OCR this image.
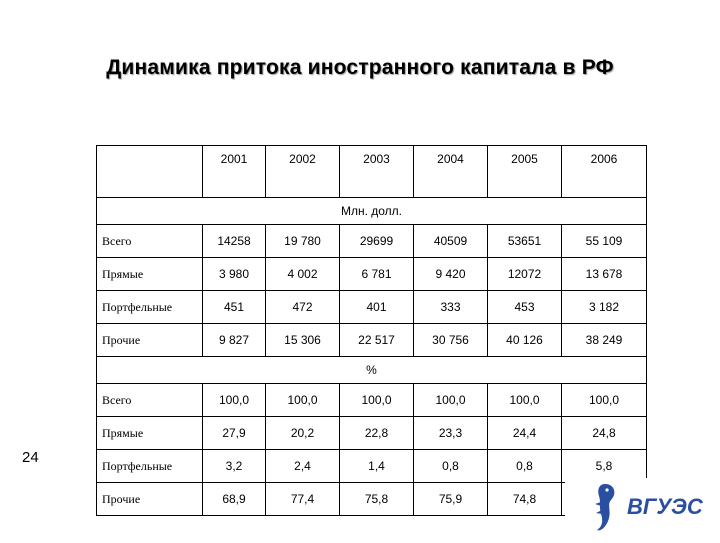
Динамика притока иностранного капитала в РФ
	2001	2002	2003	2004	2005	2006
Млн. долл.						
Всего	14258	19 780	29699	40509	53651	55 109
Прямые	3 980	4 002	6 781	9 420	12072	13 678
Портфельные	451	472	401	333	453	3 182
Прочие	9 827	15 306	22 517	30 756	40 126	38 249
%						
Всего	100,0	100,0	100,0	100,0	100,0	100,0
Прямые	27,9	20,2	22,8	23,3	24,4	24,8
Портфельные	3,2	2,4	1,4	0,8	0,8	5,8
Прочие	68,9	77,4	75,8	75,9	74,8	
24
ВГУЭС
